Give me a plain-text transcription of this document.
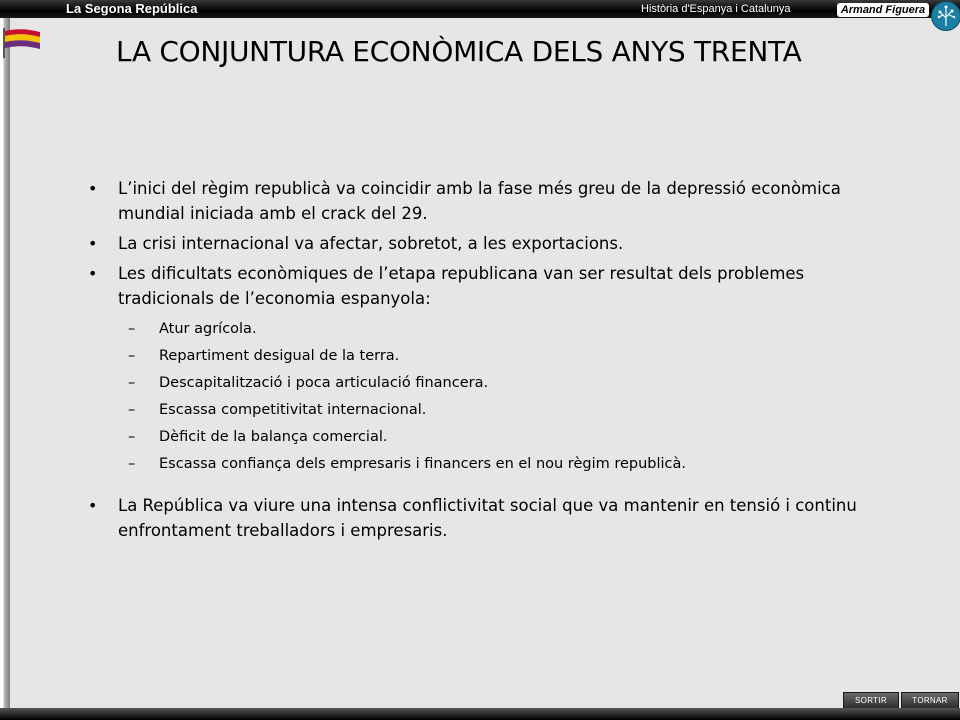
La Segona República	Història d'Espanya i Catalunya	Armand Figuera
LA CONJUNTURA ECONÒMICA DELS ANYS TRENTA
• L’inici del règim republicà va coincidir amb la fase més greu de la depressió econòmica mundial iniciada amb el crack del 29.
• La crisi internacional va afectar, sobretot, a les exportacions.
• Les dificultats econòmiques de l’etapa republicana van ser resultat dels problemes tradicionals de l’economia espanyola:
– Atur agrícola.
– Repartiment desigual de la terra.
– Descapitalització i poca articulació financera.
– Escassa competitivitat internacional.
– Dèficit de la balança comercial.
– Escassa confiança dels empresaris i financers en el nou règim republicà.
• La República va viure una intensa conflictivitat social que va mantenir en tensió i continu enfrontament treballadors i empresaris.
SORTIR	TORNAR
